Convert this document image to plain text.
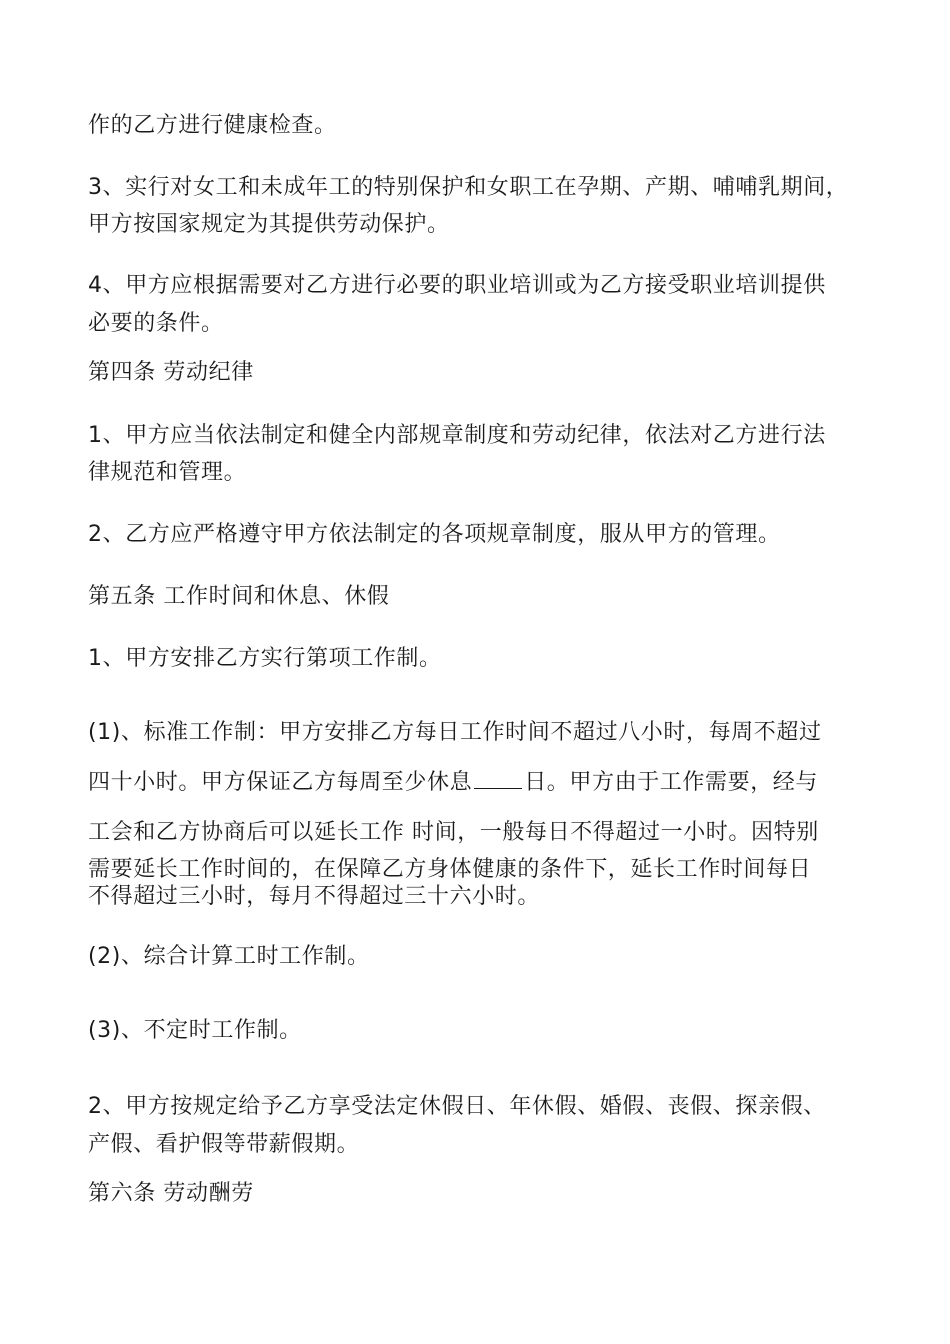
作的乙方进行健康检查。
3、实行对女工和未成年工的特别保护和女职工在孕期、产期、哺哺乳期间，
甲方按国家规定为其提供劳动保护。
4、甲方应根据需要对乙方进行必要的职业培训或为乙方接受职业培训提供
必要的条件。
第四条 劳动纪律
1、甲方应当依法制定和健全内部规章制度和劳动纪律，依法对乙方进行法
律规范和管理。
2、乙方应严格遵守甲方依法制定的各项规章制度，服从甲方的管理。
第五条 工作时间和休息、休假
1、甲方安排乙方实行第项工作制。
(1)、标准工作制：甲方安排乙方每日工作时间不超过八小时，每周不超过
四十小时。甲方保证乙方每周至少休息 日。甲方由于工作需要，经与
工会和乙方协商后可以延长工作 时间，一般每日不得超过一小时。因特别
需要延长工作时间的，在保障乙方身体健康的条件下，延长工作时间每日
不得超过三小时，每月不得超过三十六小时。
(2)、综合计算工时工作制。
(3)、不定时工作制。
2、甲方按规定给予乙方享受法定休假日、年休假、婚假、丧假、探亲假、
产假、看护假等带薪假期。
第六条 劳动酬劳
